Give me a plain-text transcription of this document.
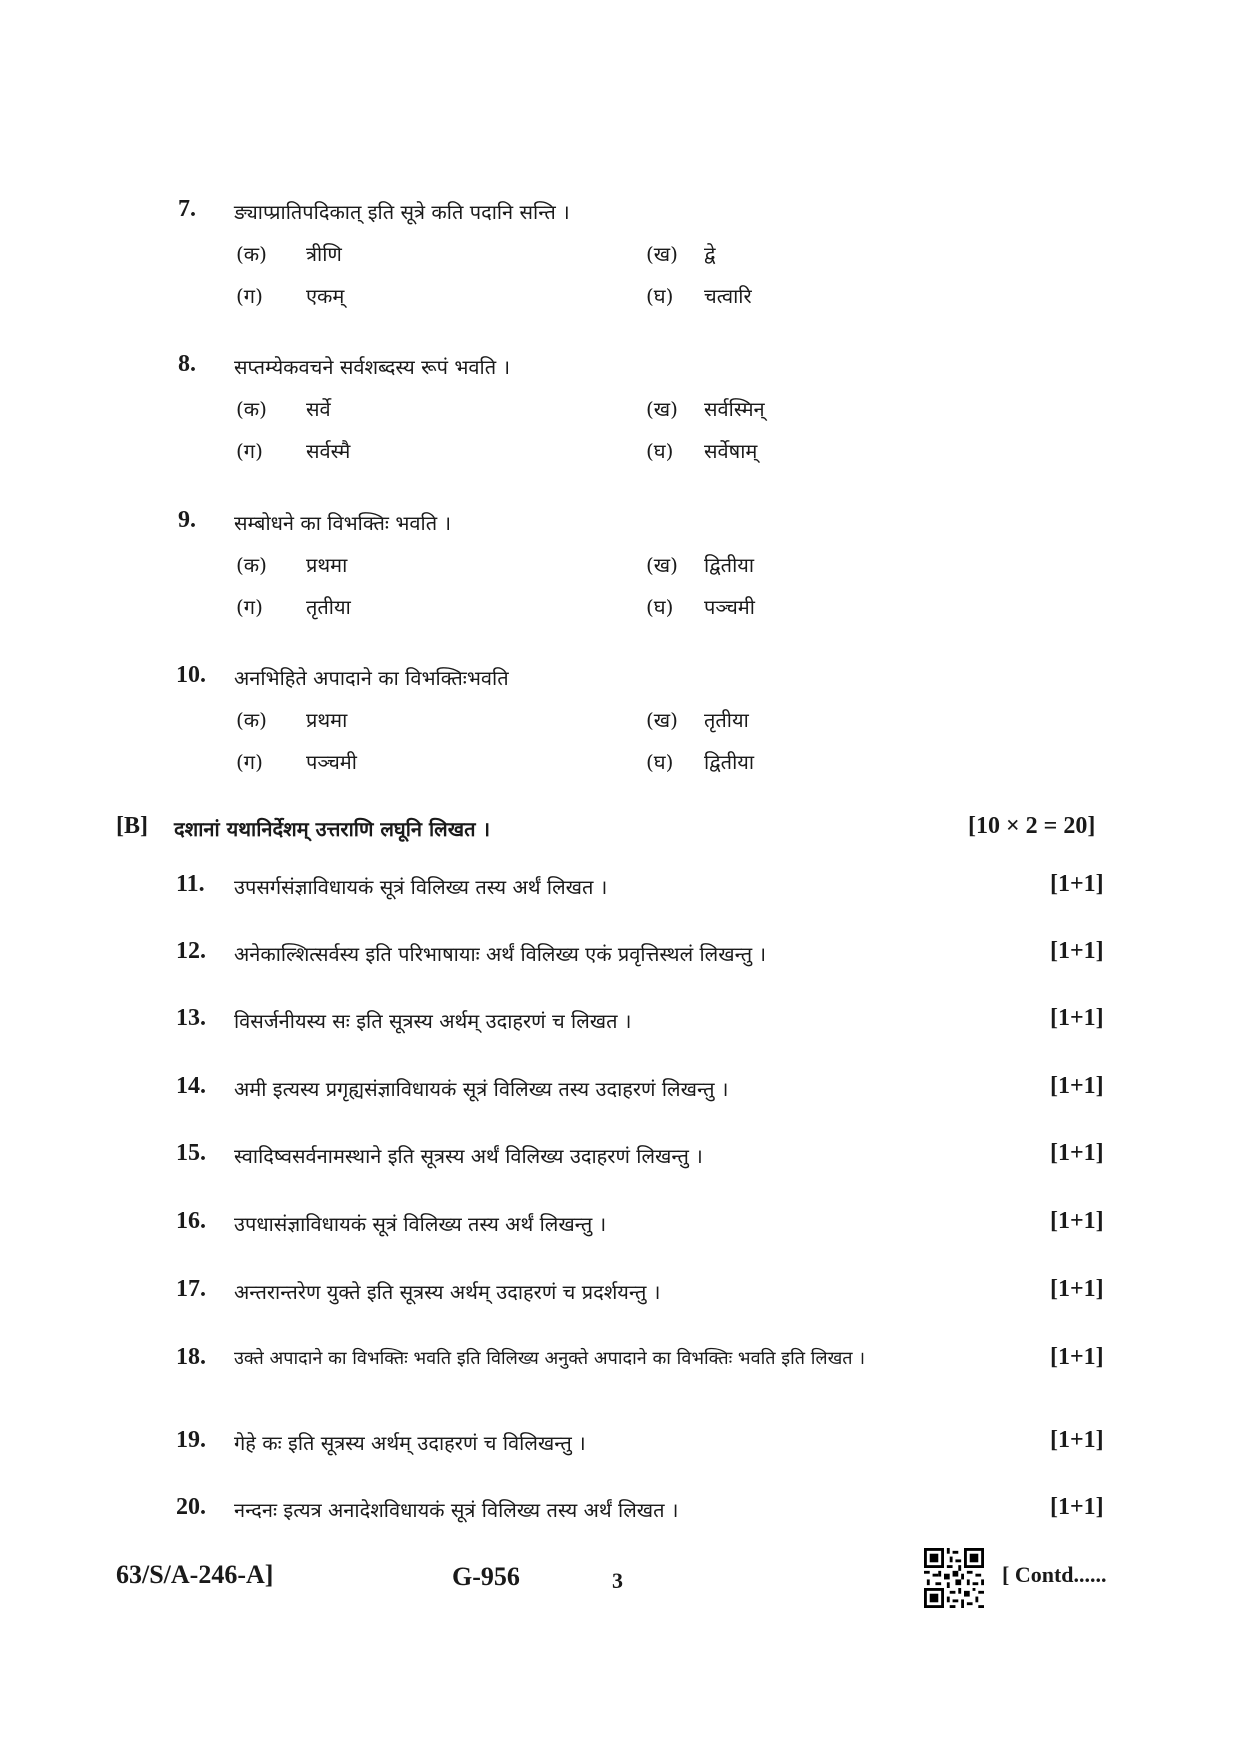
7. ङ्याप्प्रातिपदिकात् इति सूत्रे कति पदानि सन्ति ।
(क) त्रीणि	(ख) द्वे
(ग) एकम्	(घ) चत्वारि
8. सप्तम्येकवचने सर्वशब्दस्य रूपं भवति ।
(क) सर्वे	(ख) सर्वस्मिन्
(ग) सर्वस्मै	(घ) सर्वेषाम्
9. सम्बोधने का विभक्तिः भवति ।
(क) प्रथमा	(ख) द्वितीया
(ग) तृतीया	(घ) पञ्चमी
10. अनभिहिते अपादाने का विभक्तिःभवति
(क) प्रथमा	(ख) तृतीया
(ग) पञ्चमी	(घ) द्वितीया
[B] दशानां यथानिर्देशम् उत्तराणि लघूनि लिखत ।	[10 × 2 = 20]
11. उपसर्गसंज्ञाविधायकं सूत्रं विलिख्य तस्य अर्थं लिखत ।	[1+1]
12. अनेकाल्शित्सर्वस्य इति परिभाषायाः अर्थं विलिख्य एकं प्रवृत्तिस्थलं लिखन्तु ।	[1+1]
13. विसर्जनीयस्य सः इति सूत्रस्य अर्थम् उदाहरणं च लिखत ।	[1+1]
14. अमी इत्यस्य प्रगृह्यसंज्ञाविधायकं सूत्रं विलिख्य तस्य उदाहरणं लिखन्तु ।	[1+1]
15. स्वादिष्वसर्वनामस्थाने इति सूत्रस्य अर्थं विलिख्य उदाहरणं लिखन्तु ।	[1+1]
16. उपधासंज्ञाविधायकं सूत्रं विलिख्य तस्य अर्थं लिखन्तु ।	[1+1]
17. अन्तरान्तरेण युक्ते इति सूत्रस्य अर्थम् उदाहरणं च प्रदर्शयन्तु ।	[1+1]
18. उक्ते अपादाने का विभक्तिः भवति इति विलिख्य अनुक्ते अपादाने का विभक्तिः भवति इति लिखत ।	[1+1]
19. गेहे कः इति सूत्रस्य अर्थम् उदाहरणं च विलिखन्तु ।	[1+1]
20. नन्दनः इत्यत्र अनादेशविधायकं सूत्रं विलिख्य तस्य अर्थं लिखत ।	[1+1]
63/S/A-246-A]	G-956	3	[ Contd......
